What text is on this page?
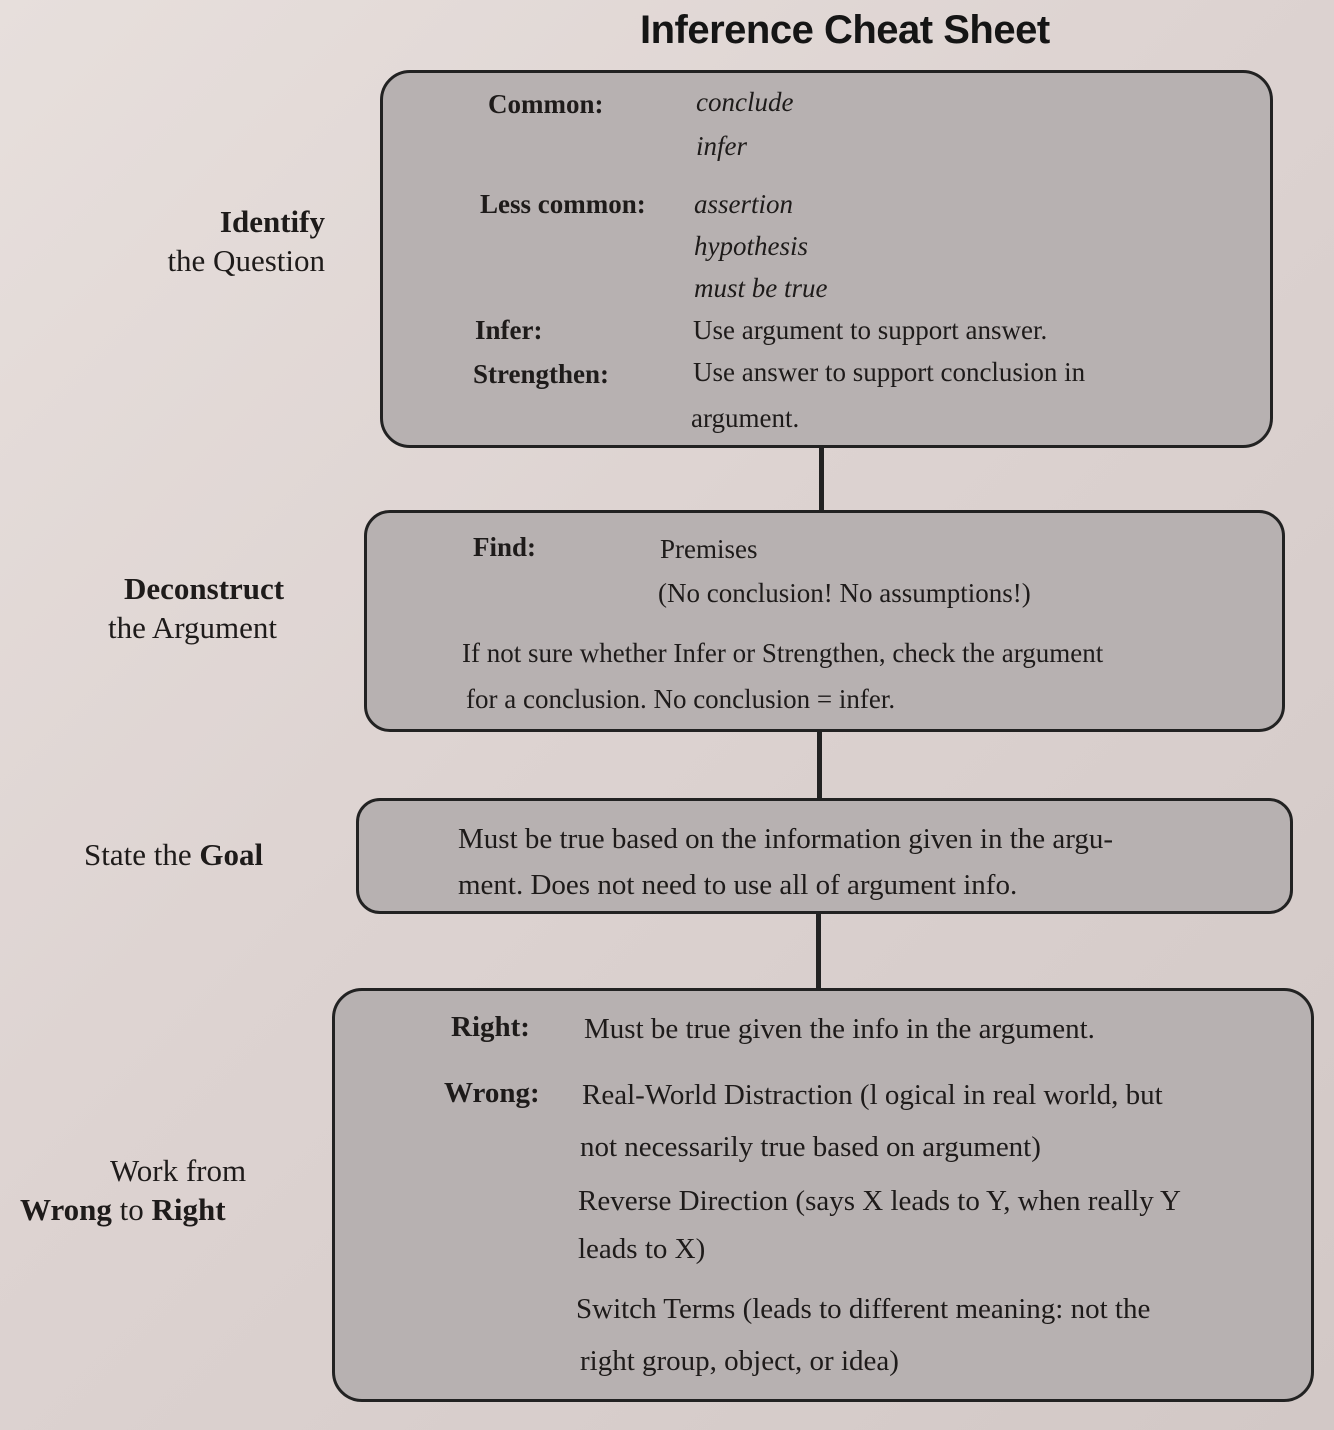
Inference Cheat Sheet
Identify
the Question
Deconstruct
the Argument
State the Goal
Work from
Wrong to Right
Common:	conclude
infer
Less common: assertion
hypothesis
must be true
Infer:	Use argument to support answer.
Strengthen:	Use answer to support conclusion in
argument.
Find:	Premises
(No conclusion! No assumptions!)
If not sure whether Infer or Strengthen, check the argument
for a conclusion. No conclusion = infer.
Must be true based on the information given in the argu-
ment. Does not need to use all of argument info.
Right: Must be true given the info in the argument.
Wrong: Real-World Distraction (l ogical in real world, but
not necessarily true based on argument)
Reverse Direction (says X leads to Y, when really Y
leads to X)
Switch Terms (leads to different meaning: not the
right group, object, or idea)
